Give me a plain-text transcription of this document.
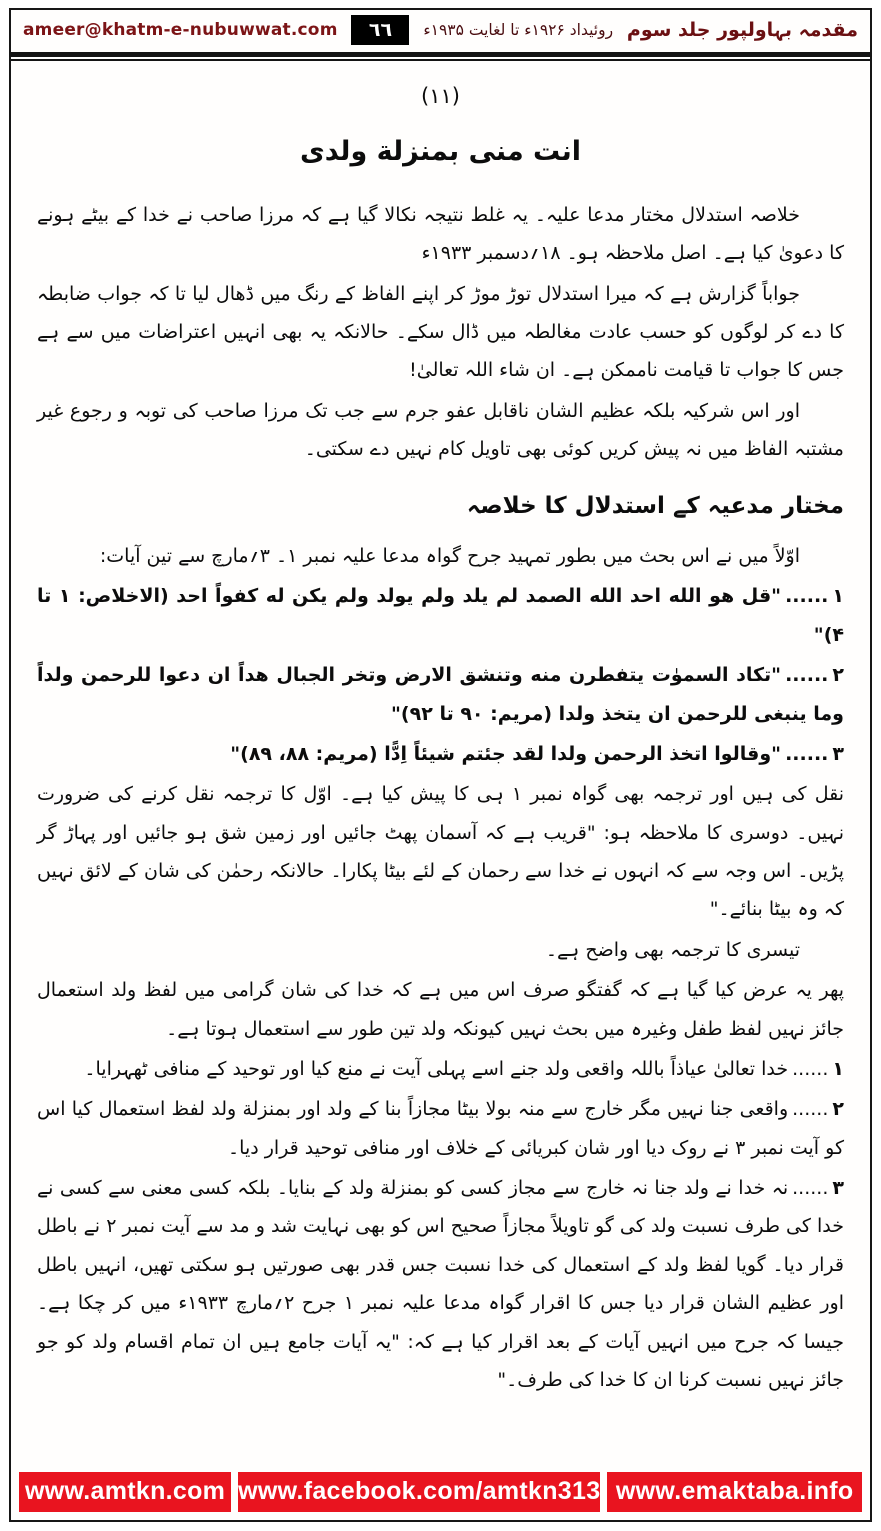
ameer@khatm-e-nubuwwat.com ٦٦ روئیداد ۱۹۲۶ء تا لغایت ۱۹۳۵ء مقدمہ بہاولپور جلد سوم
(۱۱)
انت منی بمنزلة ولدی

خلاصہ استدلال مختار مدعا علیہ۔ یہ غلط نتیجہ نکالا گیا ہے کہ مرزا صاحب نے خدا کے بیٹے ہونے کا دعویٰ کیا ہے۔ اصل ملاحظہ ہو۔ ۱۸؍دسمبر ۱۹۳۳ء

جواباً گزارش ہے کہ میرا استدلال توڑ موڑ کر اپنے الفاظ کے رنگ میں ڈھال لیا تا کہ جواب ضابطہ کا دے کر لوگوں کو حسب عادت مغالطہ میں ڈال سکے۔ حالانکہ یہ بھی انہیں اعتراضات میں سے ہے جس کا جواب تا قیامت ناممکن ہے۔ ان شاء اللہ تعالیٰ!

اور اس شرکیہ بلکہ عظیم الشان ناقابل عفو جرم سے جب تک مرزا صاحب کی توبہ و رجوع غیر مشتبہ الفاظ میں نہ پیش کریں کوئی بھی تاویل کام نہیں دے سکتی۔

مختار مدعیہ کے استدلال کا خلاصہ

اوّلاً میں نے اس بحث میں بطور تمہید جرح گواہ مدعا علیہ نمبر ۱۔ ۳؍مارچ سے تین آیات:

۱......"قل هو الله احد الله الصمد لم یلد ولم یولد ولم یکن له کفواً احد (الاخلاص: ۱ تا ۴)"
۲......"تکاد السموٰت یتفطرن منه وتنشق الارض وتخر الجبال هداً ان دعوا للرحمن ولداً وما ینبغی للرحمن ان یتخذ ولدا (مریم: ۹۰ تا ۹۲)"
۳......"وقالوا اتخذ الرحمن ولدا لقد جئتم شیئاً اِدًّا (مریم: ۸۸، ۸۹)"

نقل کی ہیں اور ترجمہ بھی گواہ نمبر ۱ ہی کا پیش کیا ہے۔ اوّل کا ترجمہ نقل کرنے کی ضرورت نہیں۔ دوسری کا ملاحظہ ہو: "قریب ہے کہ آسمان پھٹ جائیں اور زمین شق ہو جائیں اور پہاڑ گر پڑیں۔ اس وجہ سے کہ انہوں نے خدا سے رحمان کے لئے بیٹا پکارا۔ حالانکہ رحمٰن کی شان کے لائق نہیں کہ وہ بیٹا بنائے۔"

تیسری کا ترجمہ بھی واضح ہے۔

پھر یہ عرض کیا گیا ہے کہ گفتگو صرف اس میں ہے کہ خدا کی شان گرامی میں لفظ ولد استعمال جائز نہیں لفظ طفل وغیرہ میں بحث نہیں کیونکہ ولد تین طور سے استعمال ہوتا ہے۔

۱......خدا تعالیٰ عیاذاً باللہ واقعی ولد جنے اسے پہلی آیت نے منع کیا اور توحید کے منافی ٹھہرایا۔
۲......واقعی جنا نہیں مگر خارج سے منہ بولا بیٹا مجازاً بنا کے ولد اور بمنزلة ولد لفظ استعمال کیا اس کو آیت نمبر ۳ نے روک دیا اور شان کبریائی کے خلاف اور منافی توحید قرار دیا۔
۳......نہ خدا نے ولد جنا نہ خارج سے مجاز کسی کو بمنزلة ولد کے بنایا۔ بلکہ کسی معنی سے کسی نے خدا کی طرف نسبت ولد کی گو تاویلاً مجازاً صحیح اس کو بھی نہایت شد و مد سے آیت نمبر ۲ نے باطل قرار دیا۔ گویا لفظ ولد کے استعمال کی خدا نسبت جس قدر بھی صورتیں ہو سکتی تھیں، انہیں باطل اور عظیم الشان قرار دیا جس کا اقرار گواہ مدعا علیہ نمبر ۱ جرح ۲؍مارچ ۱۹۳۳ء میں کر چکا ہے۔ جیسا کہ جرح میں انہیں آیات کے بعد اقرار کیا ہے کہ: "یہ آیات جامع ہیں ان تمام اقسام ولد کو جو جائز نہیں نسبت کرنا ان کا خدا کی طرف۔"
www.amtkn.com www.facebook.com/amtkn313 www.emaktaba.info
